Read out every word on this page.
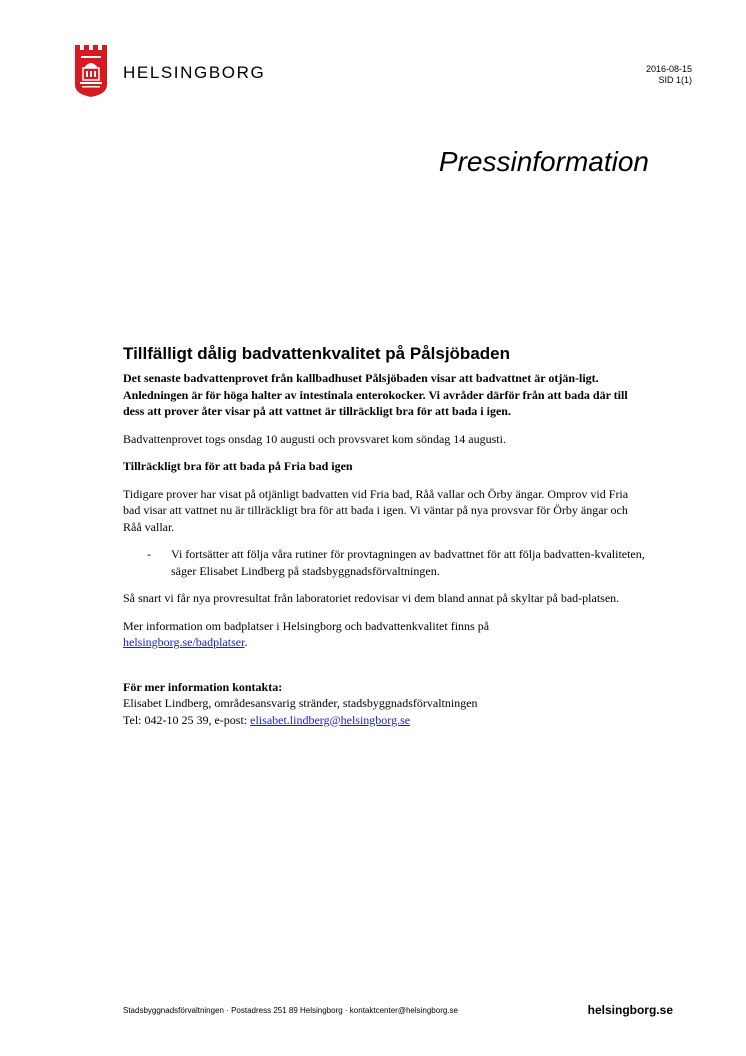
HELSINGBORG	2016-08-15
SID 1(1)
Pressinformation
Tillfälligt dålig badvattenkvalitet på Pålsjöbaden
Det senaste badvattenprovet från kallbadhuset Pålsjöbaden visar att badvattnet är otjän-ligt. Anledningen är för höga halter av intestinala enterokocker. Vi avråder därför från att bada där till dess att prover åter visar på att vattnet är tillräckligt bra för att bada i igen.
Badvattenprovet togs onsdag 10 augusti och provsvaret kom söndag 14 augusti.
Tillräckligt bra för att bada på Fria bad igen
Tidigare prover har visat på otjänligt badvatten vid Fria bad, Råå vallar och Örby ängar. Omprov vid Fria bad visar att vattnet nu är tillräckligt bra för att bada i igen. Vi väntar på nya provsvar för Örby ängar och Råå vallar.
-	Vi fortsätter att följa våra rutiner för provtagningen av badvattnet för att följa badvatten-kvaliteten, säger Elisabet Lindberg på stadsbyggnadsförvaltningen.
Så snart vi får nya provresultat från laboratoriet redovisar vi dem bland annat på skyltar på bad-platsen.
Mer information om badplatser i Helsingborg och badvattenkvalitet finns på
helsingborg.se/badplatser.
För mer information kontakta:
Elisabet Lindberg, områdesansvarig stränder, stadsbyggnadsförvaltningen
Tel: 042-10 25 39, e-post: elisabet.lindberg@helsingborg.se
Stadsbyggnadsförvaltningen · Postadress 251 89 Helsingborg · kontaktcenter@helsingborg.se	helsingborg.se
